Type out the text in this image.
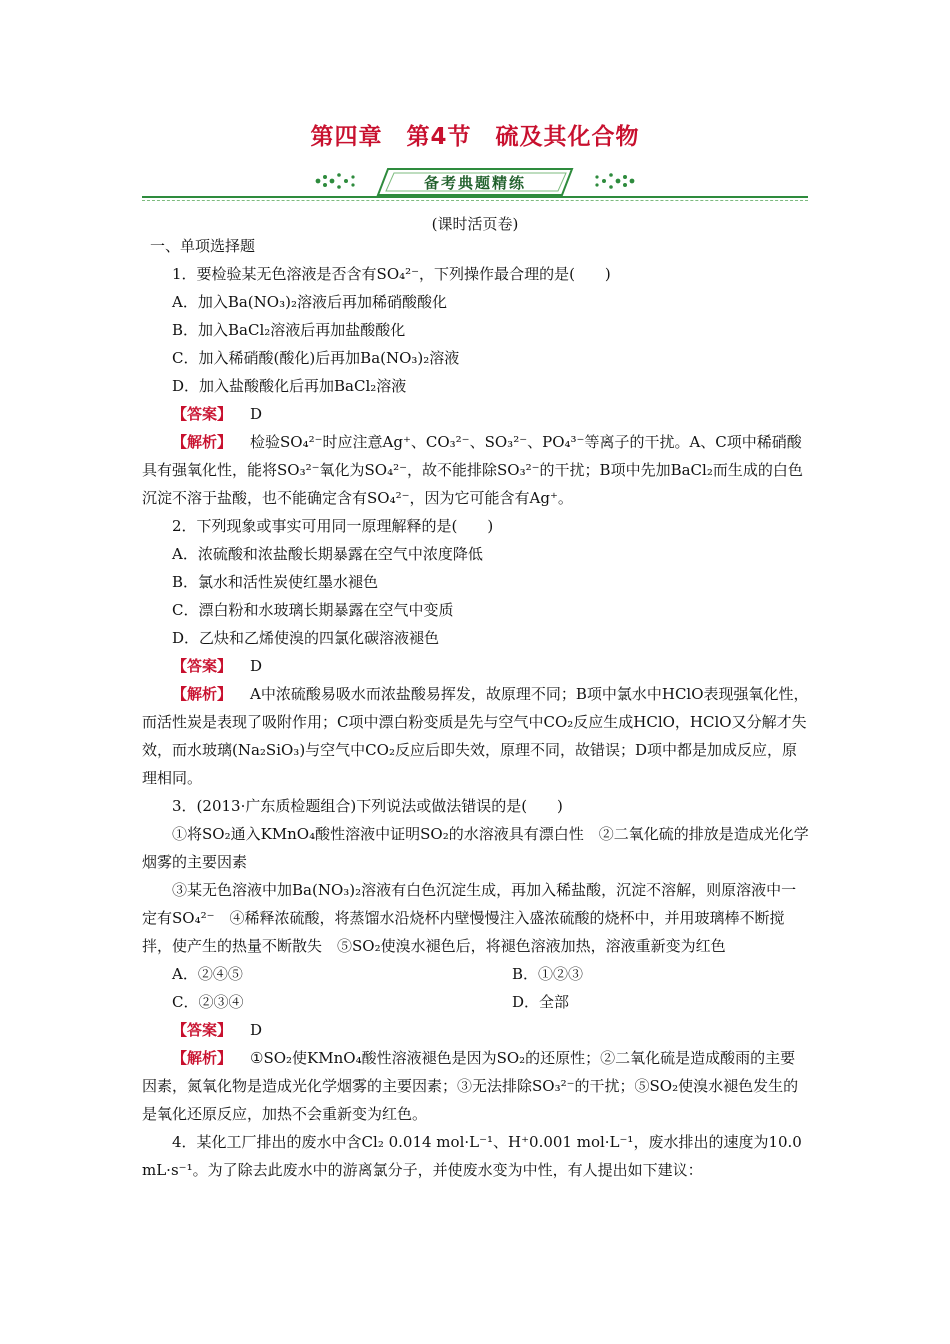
第四章　第4节　硫及其化合物
备考典题精练
(课时活页卷)

一、单项选择题

1．要检验某无色溶液是否含有SO₄²⁻，下列操作最合理的是(　　)

A．加入Ba(NO₃)₂溶液后再加稀硝酸酸化

B．加入BaCl₂溶液后再加盐酸酸化

C．加入稀硝酸(酸化)后再加Ba(NO₃)₂溶液

D．加入盐酸酸化后再加BaCl₂溶液

【答案】 D

【解析】 检验SO₄²⁻时应注意Ag⁺、CO₃²⁻、SO₃²⁻、PO₄³⁻等离子的干扰。A、C项中稀硝酸具有强氧化性，能将SO₃²⁻氧化为SO₄²⁻，故不能排除SO₃²⁻的干扰；B项中先加BaCl₂而生成的白色沉淀不溶于盐酸，也不能确定含有SO₄²⁻，因为它可能含有Ag⁺。

2．下列现象或事实可用同一原理解释的是(　　)

A．浓硫酸和浓盐酸长期暴露在空气中浓度降低

B．氯水和活性炭使红墨水褪色

C．漂白粉和水玻璃长期暴露在空气中变质

D．乙炔和乙烯使溴的四氯化碳溶液褪色

【答案】 D

【解析】 A中浓硫酸易吸水而浓盐酸易挥发，故原理不同；B项中氯水中HClO表现强氧化性，而活性炭是表现了吸附作用；C项中漂白粉变质是先与空气中CO₂反应生成HClO，HClO又分解才失效，而水玻璃(Na₂SiO₃)与空气中CO₂反应后即失效，原理不同，故错误；D项中都是加成反应，原理相同。

3．(2013·广东质检题组合)下列说法或做法错误的是(　　)

①将SO₂通入KMnO₄酸性溶液中证明SO₂的水溶液具有漂白性　②二氧化硫的排放是造成光化学烟雾的主要因素

③某无色溶液中加Ba(NO₃)₂溶液有白色沉淀生成，再加入稀盐酸，沉淀不溶解，则原溶液中一定有SO₄²⁻　④稀释浓硫酸，将蒸馏水沿烧杯内壁慢慢注入盛浓硫酸的烧杯中，并用玻璃棒不断搅拌，使产生的热量不断散失　⑤SO₂使溴水褪色后，将褪色溶液加热，溶液重新变为红色

A．②④⑤	B．①②③
C．②③④	D．全部

【答案】 D

【解析】 ①SO₂使KMnO₄酸性溶液褪色是因为SO₂的还原性；②二氧化硫是造成酸雨的主要因素，氮氧化物是造成光化学烟雾的主要因素；③无法排除SO₃²⁻的干扰；⑤SO₂使溴水褪色发生的是氧化还原反应，加热不会重新变为红色。

4．某化工厂排出的废水中含Cl₂ 0.014 mol·L⁻¹、H⁺0.001 mol·L⁻¹，废水排出的速度为10.0 mL·s⁻¹。为了除去此废水中的游离氯分子，并使废水变为中性，有人提出如下建议：
